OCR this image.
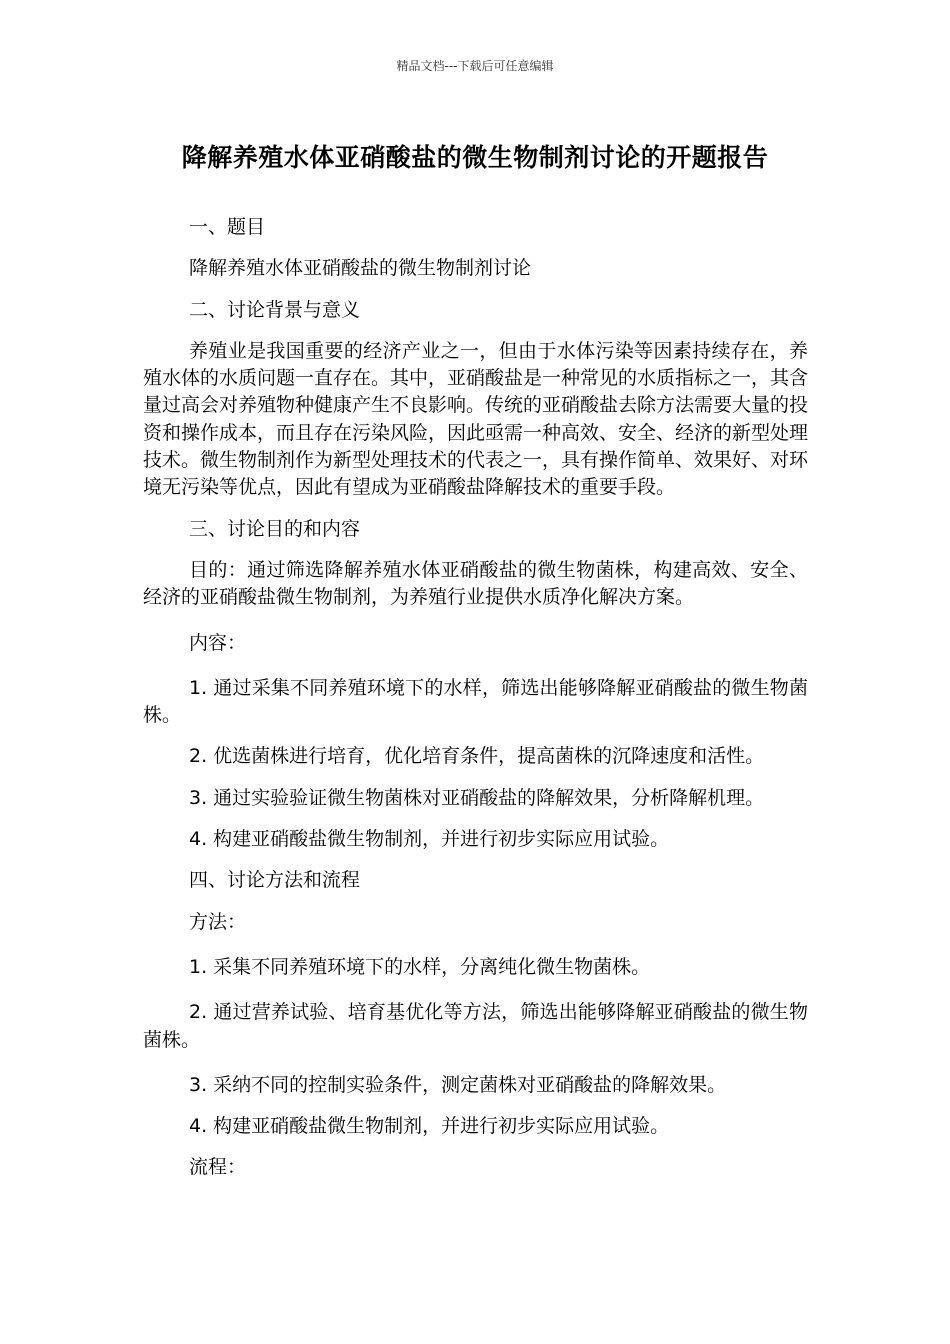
精品文档---下载后可任意编辑
降解养殖水体亚硝酸盐的微生物制剂讨论的开题报告

一、题目

降解养殖水体亚硝酸盐的微生物制剂讨论

二、讨论背景与意义

养殖业是我国重要的经济产业之一，但由于水体污染等因素持续存在，养殖水体的水质问题一直存在。其中，亚硝酸盐是一种常见的水质指标之一，其含量过高会对养殖物种健康产生不良影响。传统的亚硝酸盐去除方法需要大量的投资和操作成本，而且存在污染风险，因此亟需一种高效、安全、经济的新型处理技术。微生物制剂作为新型处理技术的代表之一，具有操作简单、效果好、对环境无污染等优点，因此有望成为亚硝酸盐降解技术的重要手段。

三、讨论目的和内容

目的：通过筛选降解养殖水体亚硝酸盐的微生物菌株，构建高效、安全、经济的亚硝酸盐微生物制剂，为养殖行业提供水质净化解决方案。

内容：

1. 通过采集不同养殖环境下的水样，筛选出能够降解亚硝酸盐的微生物菌株。

2. 优选菌株进行培育，优化培育条件，提高菌株的沉降速度和活性。

3. 通过实验验证微生物菌株对亚硝酸盐的降解效果，分析降解机理。

4. 构建亚硝酸盐微生物制剂，并进行初步实际应用试验。

四、讨论方法和流程

方法：

1. 采集不同养殖环境下的水样，分离纯化微生物菌株。

2. 通过营养试验、培育基优化等方法，筛选出能够降解亚硝酸盐的微生物菌株。

3. 采纳不同的控制实验条件，测定菌株对亚硝酸盐的降解效果。

4. 构建亚硝酸盐微生物制剂，并进行初步实际应用试验。

流程：
